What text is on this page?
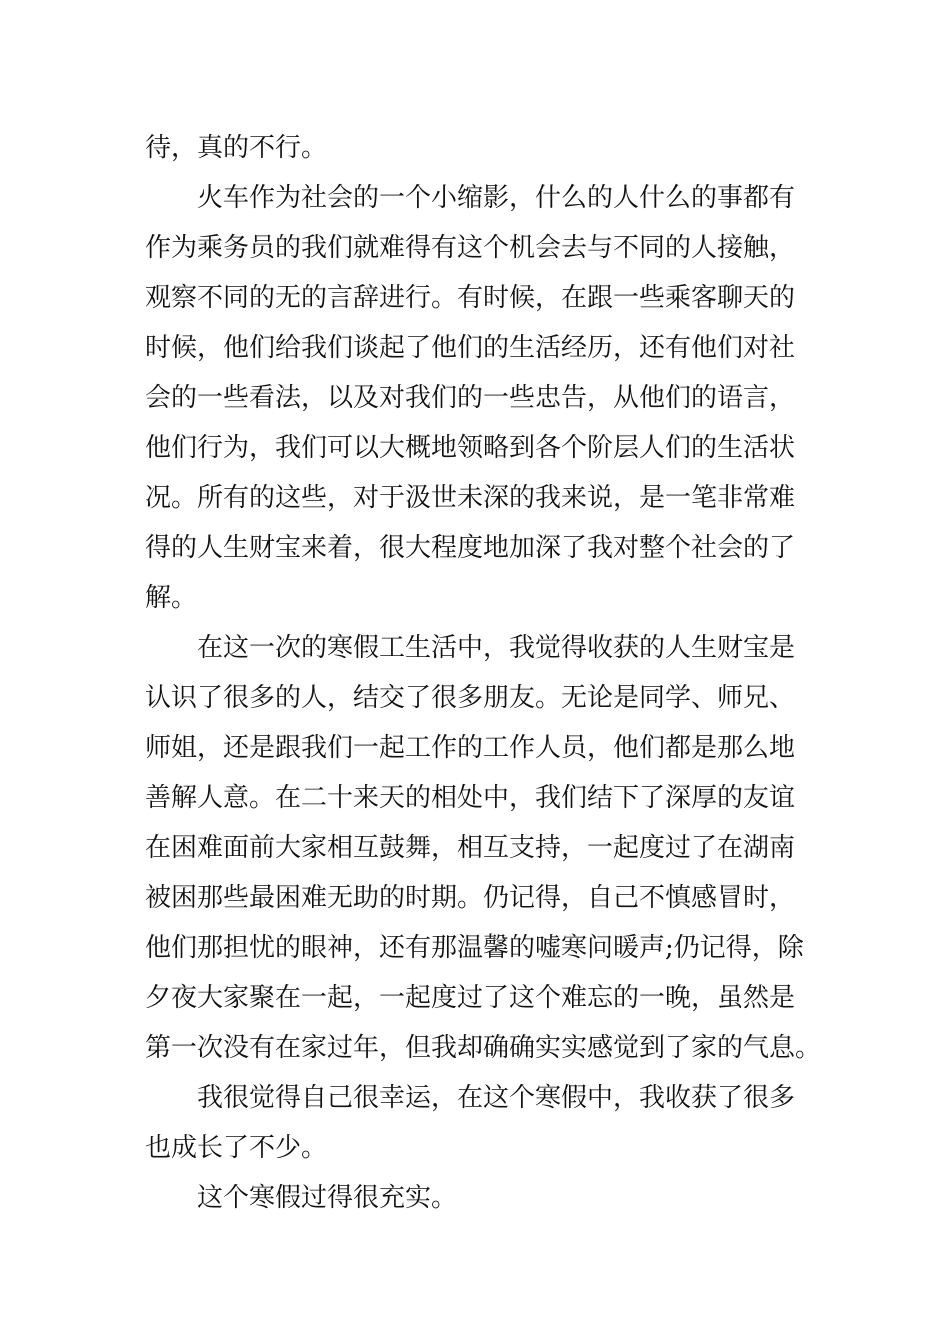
待，真的不行。
火车作为社会的一个小缩影，什么的人什么的事都有
作为乘务员的我们就难得有这个机会去与不同的人接触，
观察不同的无的言辞进行。有时候，在跟一些乘客聊天的
时候，他们给我们谈起了他们的生活经历，还有他们对社
会的一些看法，以及对我们的一些忠告，从他们的语言，
他们行为，我们可以大概地领略到各个阶层人们的生活状
况。所有的这些，对于汲世未深的我来说，是一笔非常难
得的人生财宝来着，很大程度地加深了我对整个社会的了
解。
在这一次的寒假工生活中，我觉得收获的人生财宝是
认识了很多的人，结交了很多朋友。无论是同学、师兄、
师姐，还是跟我们一起工作的工作人员，他们都是那么地
善解人意。在二十来天的相处中，我们结下了深厚的友谊
在困难面前大家相互鼓舞，相互支持，一起度过了在湖南
被困那些最困难无助的时期。仍记得，自己不慎感冒时，
他们那担忧的眼神，还有那温馨的嘘寒问暖声;仍记得，除
夕夜大家聚在一起，一起度过了这个难忘的一晚，虽然是
第一次没有在家过年，但我却确确实实感觉到了家的气息。
我很觉得自己很幸运，在这个寒假中，我收获了很多
也成长了不少。
这个寒假过得很充实。
